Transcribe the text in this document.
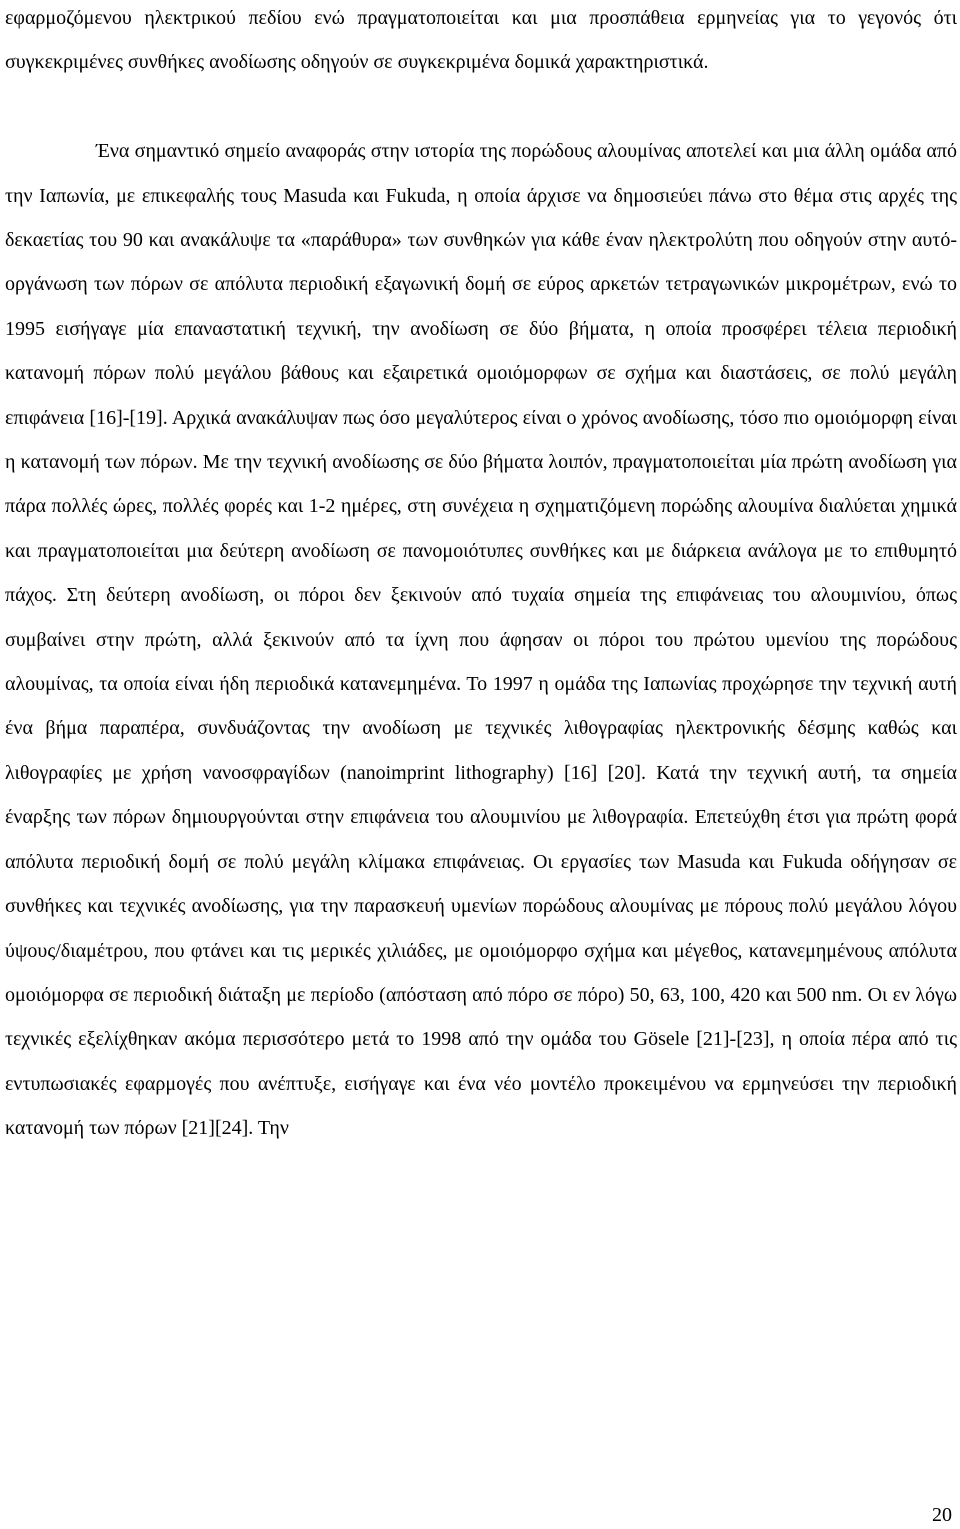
εφαρμοζόμενου ηλεκτρικού πεδίου ενώ πραγματοποιείται και μια προσπάθεια ερμηνείας για το γεγονός ότι συγκεκριμένες συνθήκες ανοδίωσης οδηγούν σε συγκεκριμένα δομικά χαρακτηριστικά.

Ένα σημαντικό σημείο αναφοράς στην ιστορία της πορώδους αλουμίνας αποτελεί και μια άλλη ομάδα από την Ιαπωνία, με επικεφαλής τους Masuda και Fukuda, η οποία άρχισε να δημοσιεύει πάνω στο θέμα στις αρχές της δεκαετίας του 90 και ανακάλυψε τα «παράθυρα» των συνθηκών για κάθε έναν ηλεκτρολύτη που οδηγούν στην αυτό-οργάνωση των πόρων σε απόλυτα περιοδική εξαγωνική δομή σε εύρος αρκετών τετραγωνικών μικρομέτρων, ενώ το 1995 εισήγαγε μία επαναστατική τεχνική, την ανοδίωση σε δύο βήματα, η οποία προσφέρει τέλεια περιοδική κατανομή πόρων πολύ μεγάλου βάθους και εξαιρετικά ομοιόμορφων σε σχήμα και διαστάσεις, σε πολύ μεγάλη επιφάνεια [16]-[19]. Αρχικά ανακάλυψαν πως όσο μεγαλύτερος είναι ο χρόνος ανοδίωσης, τόσο πιο ομοιόμορφη είναι η κατανομή των πόρων. Με την τεχνική ανοδίωσης σε δύο βήματα λοιπόν, πραγματοποιείται μία πρώτη ανοδίωση για πάρα πολλές ώρες, πολλές φορές και 1-2 ημέρες, στη συνέχεια η σχηματιζόμενη πορώδης αλουμίνα διαλύεται χημικά και πραγματοποιείται μια δεύτερη ανοδίωση σε πανομοιότυπες συνθήκες και με διάρκεια ανάλογα με το επιθυμητό πάχος. Στη δεύτερη ανοδίωση, οι πόροι δεν ξεκινούν από τυχαία σημεία της επιφάνειας του αλουμινίου, όπως συμβαίνει στην πρώτη, αλλά ξεκινούν από τα ίχνη που άφησαν οι πόροι του πρώτου υμενίου της πορώδους αλουμίνας, τα οποία είναι ήδη περιοδικά κατανεμημένα. Το 1997 η ομάδα της Ιαπωνίας προχώρησε την τεχνική αυτή ένα βήμα παραπέρα, συνδυάζοντας την ανοδίωση με τεχνικές λιθογραφίας ηλεκτρονικής δέσμης καθώς και λιθογραφίες με χρήση νανοσφραγίδων (nanoimprint lithography) [16] [20]. Κατά την τεχνική αυτή, τα σημεία έναρξης των πόρων δημιουργούνται στην επιφάνεια του αλουμινίου με λιθογραφία. Επετεύχθη έτσι για πρώτη φορά απόλυτα περιοδική δομή σε πολύ μεγάλη κλίμακα επιφάνειας. Οι εργασίες των Masuda και Fukuda οδήγησαν σε συνθήκες και τεχνικές ανοδίωσης, για την παρασκευή υμενίων πορώδους αλουμίνας με πόρους πολύ μεγάλου λόγου ύψους/διαμέτρου, που φτάνει και τις μερικές χιλιάδες, με ομοιόμορφο σχήμα και μέγεθος, κατανεμημένους απόλυτα ομοιόμορφα σε περιοδική διάταξη με περίοδο (απόσταση από πόρο σε πόρο) 50, 63, 100, 420 και 500 nm. Οι εν λόγω τεχνικές εξελίχθηκαν ακόμα περισσότερο μετά το 1998 από την ομάδα του Gösele [21]-[23], η οποία πέρα από τις εντυπωσιακές εφαρμογές που ανέπτυξε, εισήγαγε και ένα νέο μοντέλο προκειμένου να ερμηνεύσει την περιοδική κατανομή των πόρων [21][24]. Την

20
